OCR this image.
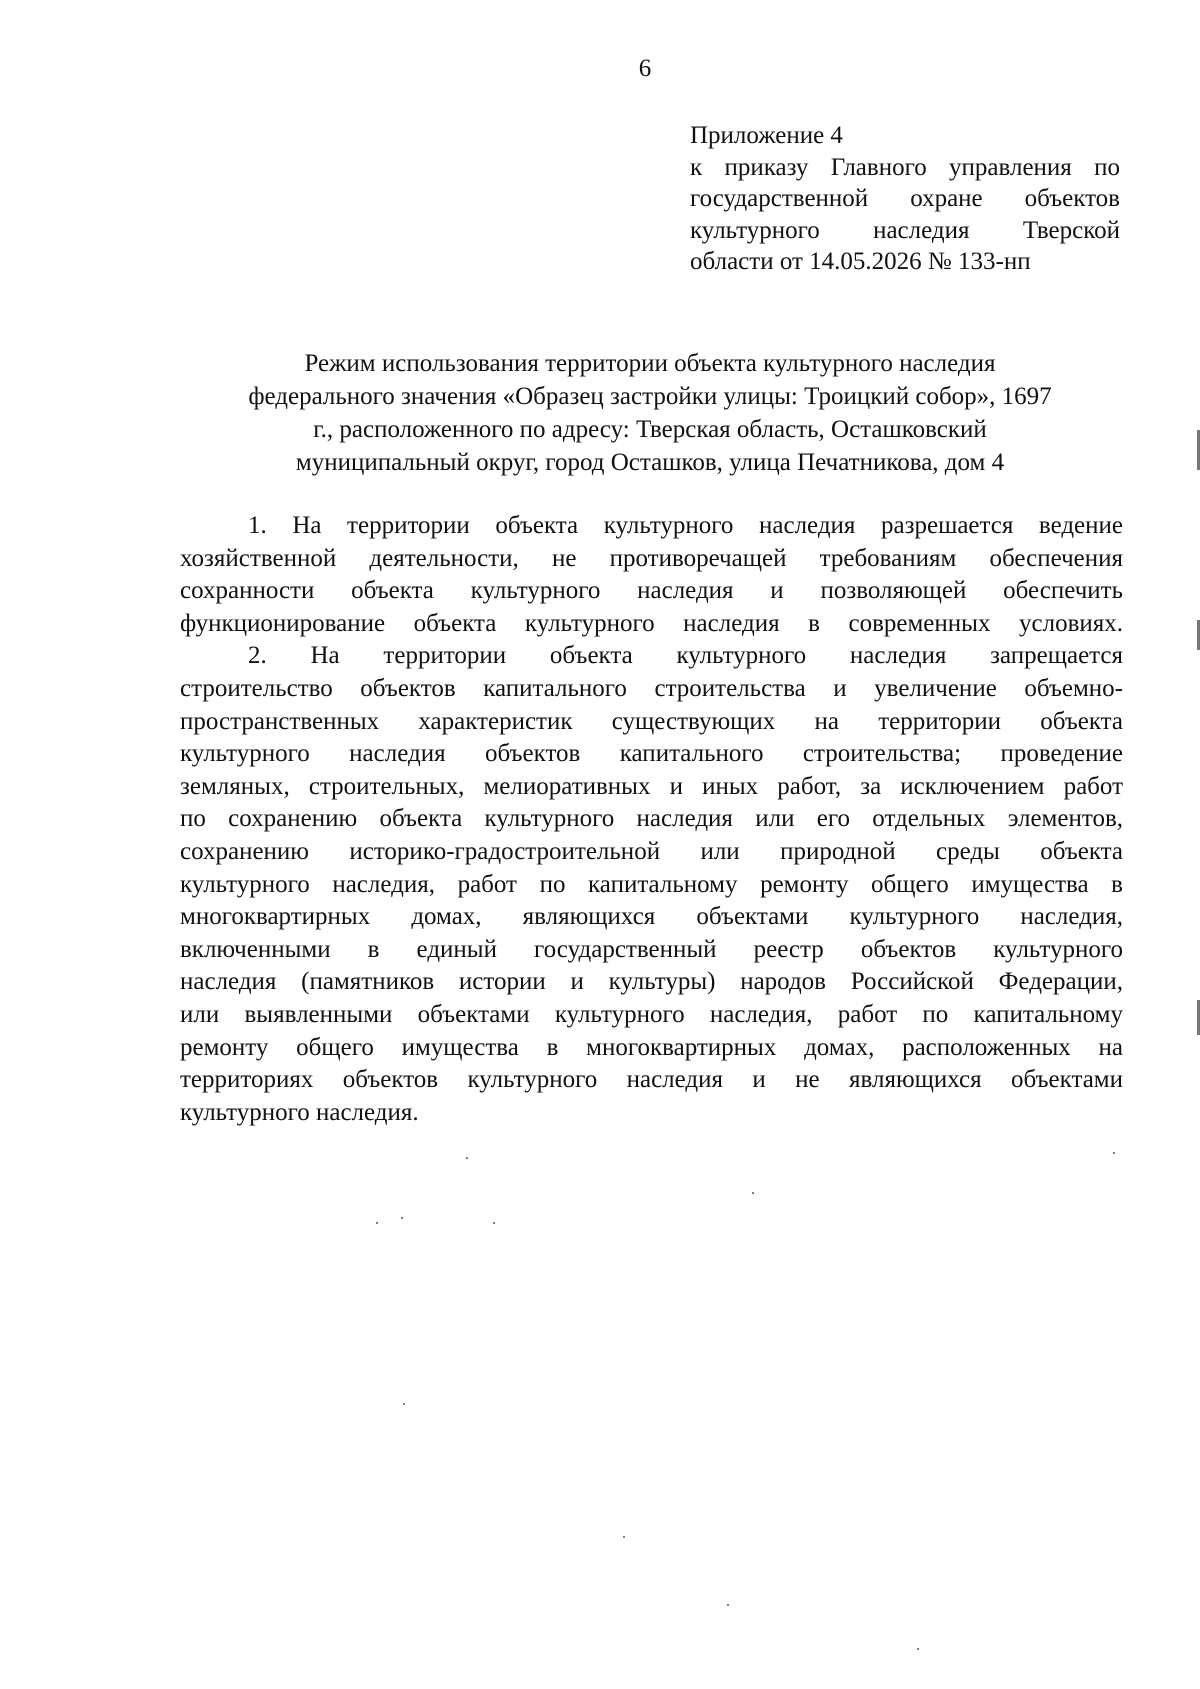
6
Приложение 4
к приказу Главного управления по
государственной охране объектов
культурного наследия Тверской
области от 14.05.2026 № 133-нп
Режим использования территории объекта культурного наследия
федерального значения «Образец застройки улицы: Троицкий собор», 1697
г., расположенного по адресу: Тверская область, Осташковский
муниципальный округ, город Осташков, улица Печатникова, дом 4
1. На территории объекта культурного наследия разрешается ведение
хозяйственной деятельности, не противоречащей требованиям обеспечения
сохранности объекта культурного наследия и позволяющей обеспечить
функционирование объекта культурного наследия в современных условиях.
2. На территории объекта культурного наследия запрещается
строительство объектов капитального строительства и увеличение объемно-
пространственных характеристик существующих на территории объекта
культурного наследия объектов капитального строительства; проведение
земляных, строительных, мелиоративных и иных работ, за исключением работ
по сохранению объекта культурного наследия или его отдельных элементов,
сохранению историко-градостроительной или природной среды объекта
культурного наследия, работ по капитальному ремонту общего имущества в
многоквартирных домах, являющихся объектами культурного наследия,
включенными в единый государственный реестр объектов культурного
наследия (памятников истории и культуры) народов Российской Федерации,
или выявленными объектами культурного наследия, работ по капитальному
ремонту общего имущества в многоквартирных домах, расположенных на
территориях объектов культурного наследия и не являющихся объектами
культурного наследия.
